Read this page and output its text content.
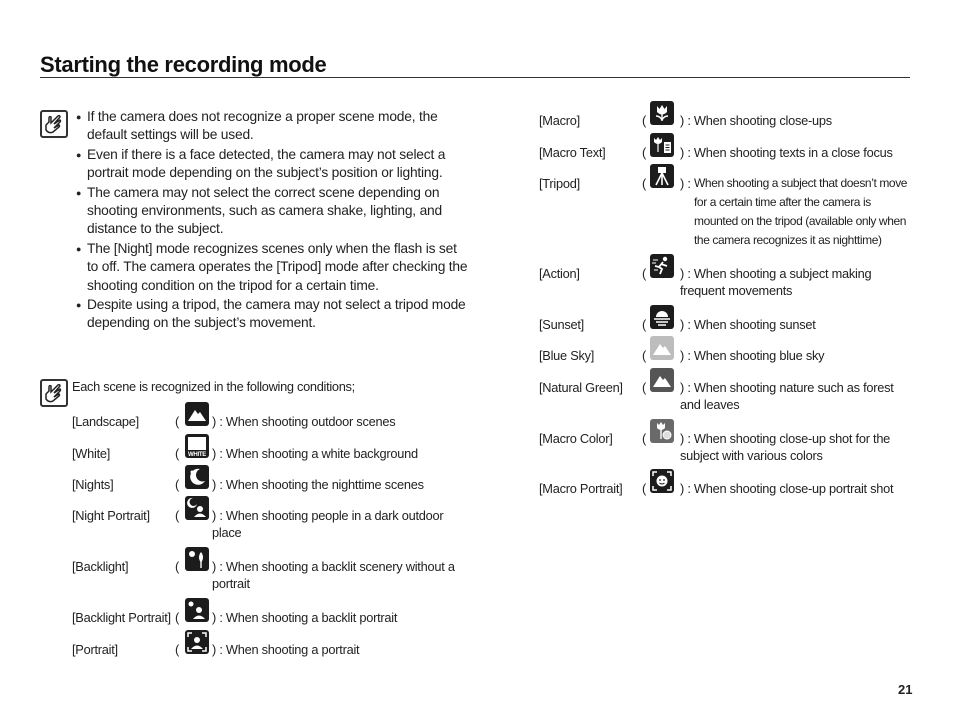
Starting the recording mode
● If the camera does not recognize a proper scene mode, the default settings will be used.
● Even if there is a face detected, the camera may not select a portrait mode depending on the subject’s position or lighting.
● The camera may not select the correct scene depending on shooting environments, such as camera shake, lighting, and distance to the subject.
● The [Night] mode recognizes scenes only when the flash is set to off. The camera operates the [Tripod] mode after checking the shooting condition on the tripod for a certain time.
● Despite using a tripod, the camera may not select a tripod mode depending on the subject’s movement.
Each scene is recognized in the following conditions;
[Landscape]	(	) : When shooting outdoor scenes
[White]	( WHITE ) : When shooting a white background
[Nights]	(	) : When shooting the nighttime scenes
[Night Portrait] (	) : When shooting people in a dark outdoor place
[Backlight]	(	) : When shooting a backlit scenery without a portrait
[Backlight Portrait] (	) : When shooting a backlit portrait
[Portrait]	(	) : When shooting a portrait
[Macro]	(	) : When shooting close-ups
[Macro Text]	(	) : When shooting texts in a close focus
[Tripod]	(	) : When shooting a subject that doesn’t move for a certain time after the camera is mounted on the tripod (available only when the camera recognizes it as nighttime)
[Action]	(	) : When shooting a subject making frequent movements
[Sunset]	(	) : When shooting sunset
[Blue Sky]	(	) : When shooting blue sky
[Natural Green] (	) : When shooting nature such as forest and leaves
[Macro Color] (	) : When shooting close-up shot for the subject with various colors
[Macro Portrait] (	) : When shooting close-up portrait shot
21
